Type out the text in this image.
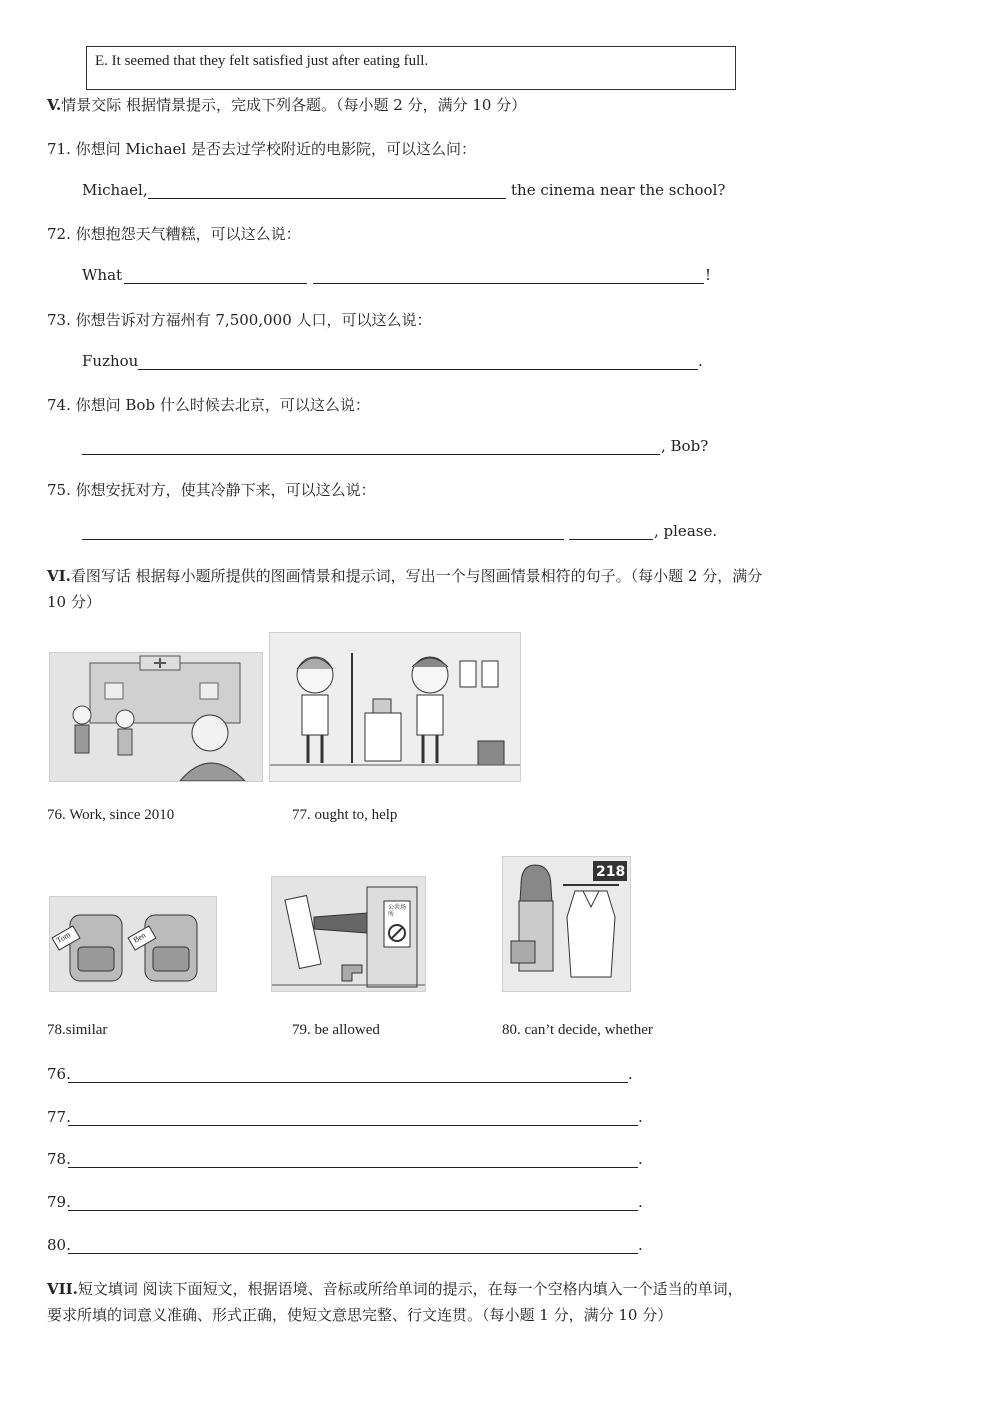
E. It seemed that they felt satisfied just after eating full.
V.情景交际 根据情景提示，完成下列各题。（每小题 2 分，满分 10 分）
71. 你想问 Michael 是否去过学校附近的电影院，可以这么问：
Michael,	the cinema near the school?
72. 你想抱怨天气糟糕，可以这么说：
What	!
73. 你想告诉对方福州有 7,500,000 人口，可以这么说：
Fuzhou	.
74. 你想问 Bob 什么时候去北京，可以这么说：
, Bob?
75. 你想安抚对方，使其冷静下来，可以这么说：
, please.
VI.看图写话 根据每小题所提供的图画情景和提示词，写出一个与图画情景相符的句子。（每小题 2 分，满分
10 分）
76. Work, since 2010	77. ought to, help
Tom	Ben
公共场所
218
78.similar	79. be allowed	80. can’t decide, whether
76.	.
77.	.
78.	.
79.	.
80.	.
VII.短文填词 阅读下面短文，根据语境、音标或所给单词的提示，在每一个空格内填入一个适当的单词，
要求所填的词意义准确、形式正确，使短文意思完整、行文连贯。（每小题 1 分，满分 10 分）
